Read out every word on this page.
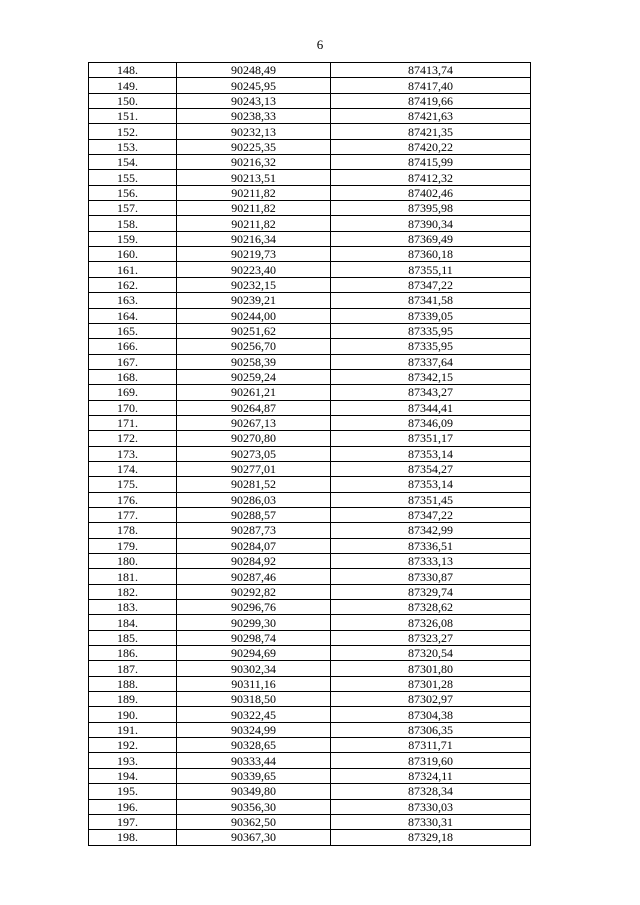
6
148.	90248,49	87413,74
149.	90245,95	87417,40
150.	90243,13	87419,66
151.	90238,33	87421,63
152.	90232,13	87421,35
153.	90225,35	87420,22
154.	90216,32	87415,99
155.	90213,51	87412,32
156.	90211,82	87402,46
157.	90211,82	87395,98
158.	90211,82	87390,34
159.	90216,34	87369,49
160.	90219,73	87360,18
161.	90223,40	87355,11
162.	90232,15	87347,22
163.	90239,21	87341,58
164.	90244,00	87339,05
165.	90251,62	87335,95
166.	90256,70	87335,95
167.	90258,39	87337,64
168.	90259,24	87342,15
169.	90261,21	87343,27
170.	90264,87	87344,41
171.	90267,13	87346,09
172.	90270,80	87351,17
173.	90273,05	87353,14
174.	90277,01	87354,27
175.	90281,52	87353,14
176.	90286,03	87351,45
177.	90288,57	87347,22
178.	90287,73	87342,99
179.	90284,07	87336,51
180.	90284,92	87333,13
181.	90287,46	87330,87
182.	90292,82	87329,74
183.	90296,76	87328,62
184.	90299,30	87326,08
185.	90298,74	87323,27
186.	90294,69	87320,54
187.	90302,34	87301,80
188.	90311,16	87301,28
189.	90318,50	87302,97
190.	90322,45	87304,38
191.	90324,99	87306,35
192.	90328,65	87311,71
193.	90333,44	87319,60
194.	90339,65	87324,11
195.	90349,80	87328,34
196.	90356,30	87330,03
197.	90362,50	87330,31
198.	90367,30	87329,18
